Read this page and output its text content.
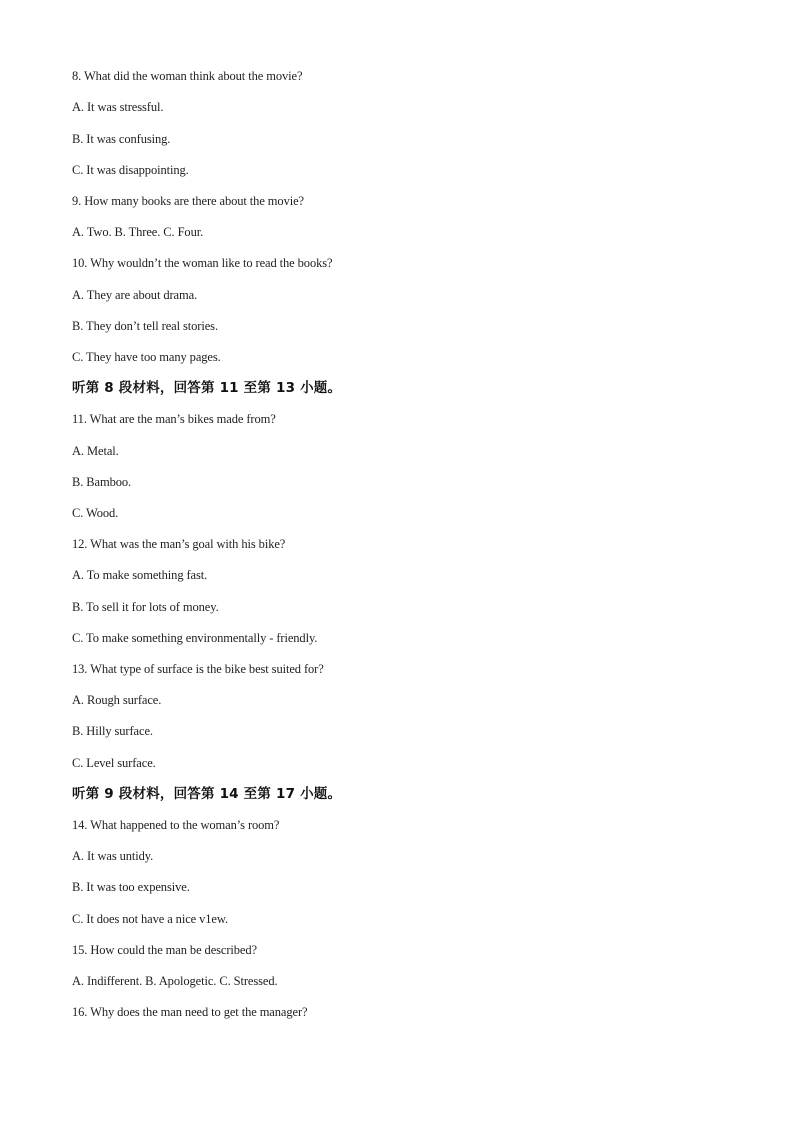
8. What did the woman think about the movie?
A. It was stressful.
B. It was confusing.
C. It was disappointing.
9. How many books are there about the movie?
A. Two. B. Three. C. Four.
10. Why wouldn’t the woman like to read the books?
A. They are about drama.
B. They don’t tell real stories.
C. They have too many pages.
听第 8 段材料，回答第 11 至第 13 小题。
11. What are the man’s bikes made from?
A. Metal.
B. Bamboo.
C. Wood.
12. What was the man’s goal with his bike?
A. To make something fast.
B. To sell it for lots of money.
C. To make something environmentally - friendly.
13. What type of surface is the bike best suited for?
A. Rough surface.
B. Hilly surface.
C. Level surface.
听第 9 段材料，回答第 14 至第 17 小题。
14. What happened to the woman’s room?
A. It was untidy.
B. It was too expensive.
C. It does not have a nice v1ew.
15. How could the man be described?
A. Indifferent. B. Apologetic. C. Stressed.
16. Why does the man need to get the manager?
